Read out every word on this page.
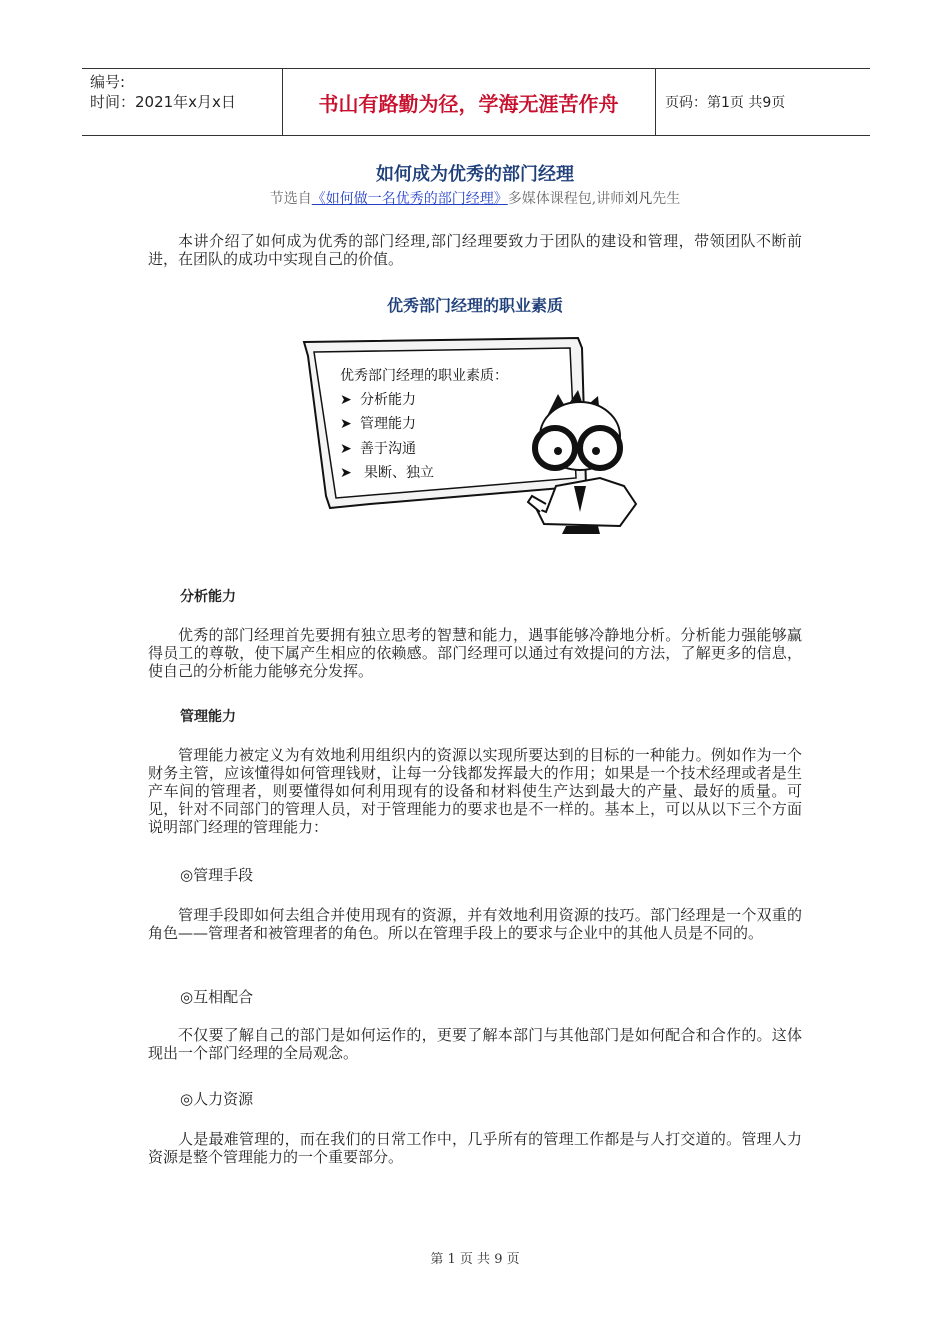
编号:
时间：2021年x月x日	书山有路勤为径，学海无涯苦作舟	页码：第1页 共9页
如何成为优秀的部门经理
节选自《如何做一名优秀的部门经理》多媒体课程包,讲师刘凡先生

本讲介绍了如何成为优秀的部门经理,部门经理要致力于团队的建设和管理，带领团队不断前进，在团队的成功中实现自己的价值。

优秀部门经理的职业素质
优秀部门经理的职业素质：
➤ 分析能力
➤ 管理能力
➤ 善于沟通
➤ 果断、独立
分析能力

优秀的部门经理首先要拥有独立思考的智慧和能力，遇事能够冷静地分析。分析能力强能够赢得员工的尊敬，使下属产生相应的依赖感。部门经理可以通过有效提问的方法，了解更多的信息，使自己的分析能力能够充分发挥。

管理能力

管理能力被定义为有效地利用组织内的资源以实现所要达到的目标的一种能力。例如作为一个财务主管，应该懂得如何管理钱财，让每一分钱都发挥最大的作用；如果是一个技术经理或者是生产车间的管理者，则要懂得如何利用现有的设备和材料使生产达到最大的产量、最好的质量。可见，针对不同部门的管理人员，对于管理能力的要求也是不一样的。基本上，可以从以下三个方面说明部门经理的管理能力：

◎管理手段

管理手段即如何去组合并使用现有的资源，并有效地利用资源的技巧。部门经理是一个双重的角色——管理者和被管理者的角色。所以在管理手段上的要求与企业中的其他人员是不同的。

◎互相配合

不仅要了解自己的部门是如何运作的，更要了解本部门与其他部门是如何配合和合作的。这体现出一个部门经理的全局观念。

◎人力资源

人是最难管理的，而在我们的日常工作中，几乎所有的管理工作都是与人打交道的。管理人力资源是整个管理能力的一个重要部分。

第 1 页 共 9 页
